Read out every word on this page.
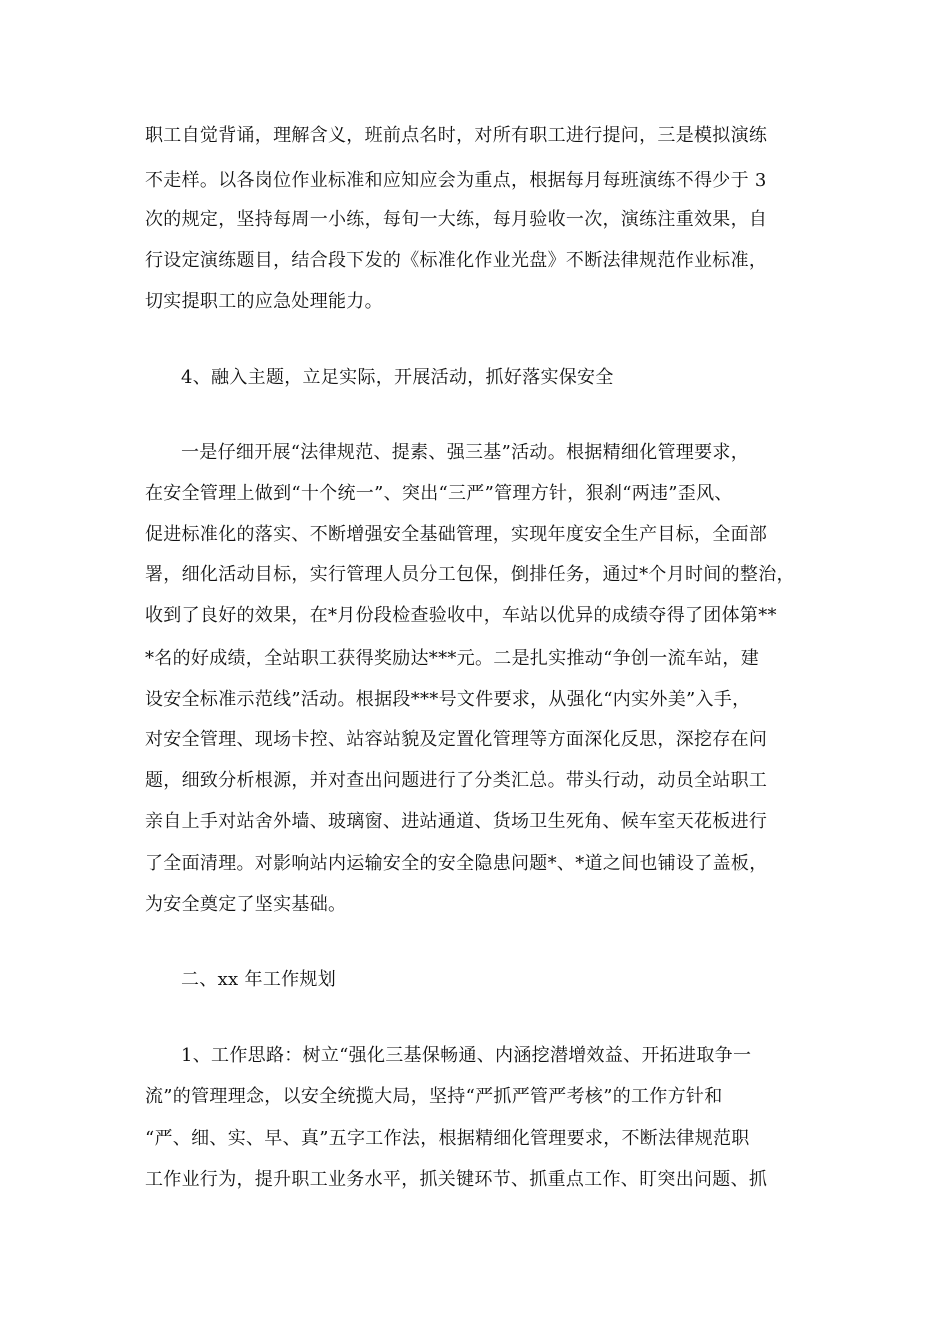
职工自觉背诵，理解含义，班前点名时，对所有职工进行提问，三是模拟演练
不走样。以各岗位作业标准和应知应会为重点，根据每月每班演练不得少于 3
次的规定，坚持每周一小练，每旬一大练，每月验收一次，演练注重效果，自
行设定演练题目，结合段下发的《标准化作业光盘》不断法律规范作业标准，
切实提职工的应急处理能力。
4、融入主题，立足实际，开展活动，抓好落实保安全
一是仔细开展“法律规范、提素、强三基”活动。根据精细化管理要求，
在安全管理上做到“十个统一”、突出“三严”管理方针，狠刹“两违”歪风、
促进标准化的落实、不断增强安全基础管理，实现年度安全生产目标，全面部
署，细化活动目标，实行管理人员分工包保，倒排任务，通过*个月时间的整治，
收到了良好的效果，在*月份段检查验收中，车站以优异的成绩夺得了团体第**
*名的好成绩，全站职工获得奖励达***元。二是扎实推动“争创一流车站，建
设安全标准示范线”活动。根据段***号文件要求，从强化“内实外美”入手，
对安全管理、现场卡控、站容站貌及定置化管理等方面深化反思，深挖存在问
题，细致分析根源，并对查出问题进行了分类汇总。带头行动，动员全站职工
亲自上手对站舍外墙、玻璃窗、进站通道、货场卫生死角、候车室天花板进行
了全面清理。对影响站内运输安全的安全隐患问题*、*道之间也铺设了盖板，
为安全奠定了坚实基础。
二、xx 年工作规划
1、工作思路：树立“强化三基保畅通、内涵挖潜增效益、开拓进取争一
流”的管理理念，以安全统揽大局，坚持“严抓严管严考核”的工作方针和
“严、细、实、早、真”五字工作法，根据精细化管理要求，不断法律规范职
工作业行为，提升职工业务水平，抓关键环节、抓重点工作、盯突出问题、抓
